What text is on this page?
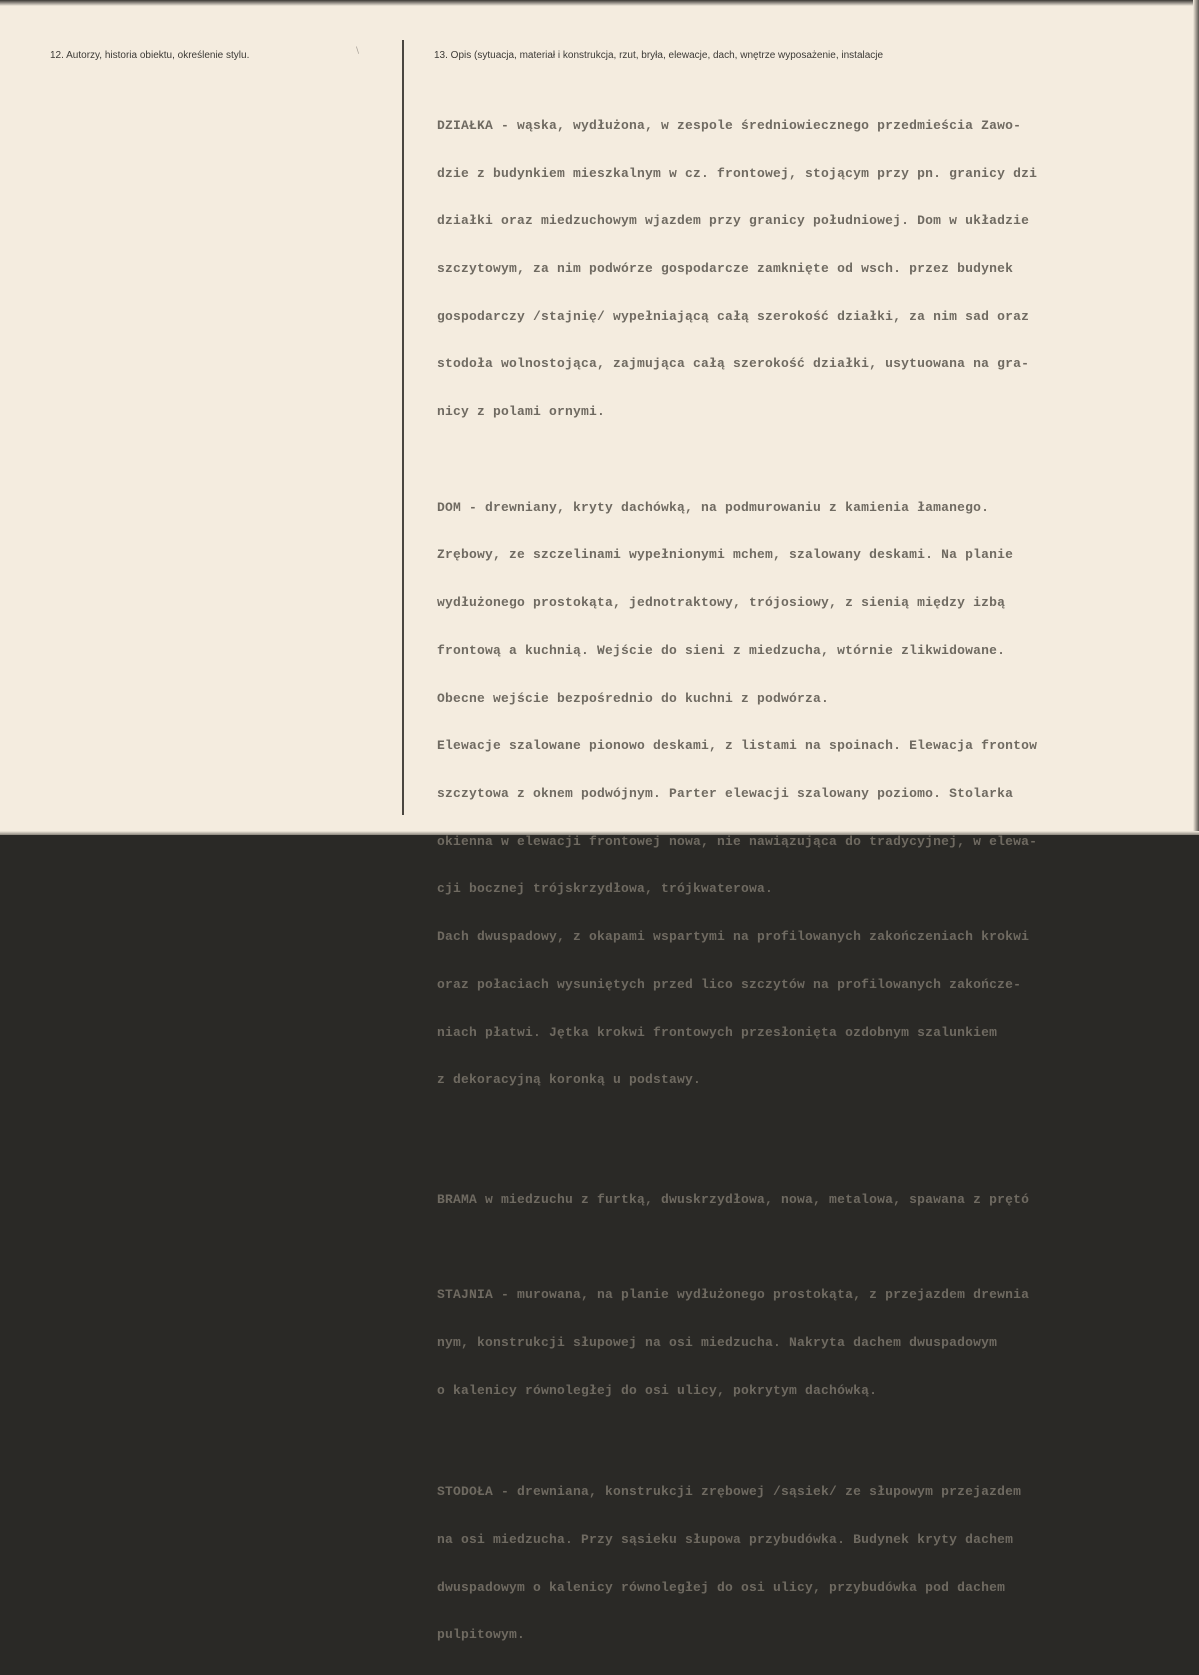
12. Autorzy, historia obiektu, określenie stylu.	\	13. Opis (sytuacja, materiał i konstrukcja, rzut, bryła, elewacje, dach, wnętrze wyposażenie, instalacje

DZIAŁKA - wąska, wydłużona, w zespole średniowiecznego przedmieścia Zawo-

dzie z budynkiem mieszkalnym w cz. frontowej, stojącym przy pn. granicy dzi

działki oraz miedzuchowym wjazdem przy granicy południowej. Dom w układzie

szczytowym, za nim podwórze gospodarcze zamknięte od wsch. przez budynek

gospodarczy /stajnię/ wypełniającą całą szerokość działki, za nim sad oraz

stodoła wolnostojąca, zajmująca całą szerokość działki, usytuowana na gra-

nicy z polami ornymi.

DOM - drewniany, kryty dachówką, na podmurowaniu z kamienia łamanego.

Zrębowy, ze szczelinami wypełnionymi mchem, szalowany deskami. Na planie

wydłużonego prostokąta, jednotraktowy, trójosiowy, z sienią między izbą

frontową a kuchnią. Wejście do sieni z miedzucha, wtórnie zlikwidowane.

Obecne wejście bezpośrednio do kuchni z podwórza.

Elewacje szalowane pionowo deskami, z listami na spoinach. Elewacja frontow

szczytowa z oknem podwójnym. Parter elewacji szalowany poziomo. Stolarka

okienna w elewacji frontowej nowa, nie nawiązująca do tradycyjnej, w elewa-

cji bocznej trójskrzydłowa, trójkwaterowa.

Dach dwuspadowy, z okapami wspartymi na profilowanych zakończeniach krokwi

oraz połaciach wysuniętych przed lico szczytów na profilowanych zakończe-

niach płatwi. Jętka krokwi frontowych przesłonięta ozdobnym szalunkiem

z dekoracyjną koronką u podstawy.

BRAMA w miedzuchu z furtką, dwuskrzydłowa, nowa, metalowa, spawana z prętó

STAJNIA - murowana, na planie wydłużonego prostokąta, z przejazdem drewnia

nym, konstrukcji słupowej na osi miedzucha. Nakryta dachem dwuspadowym

o kalenicy równoległej do osi ulicy, pokrytym dachówką.

STODOŁA - drewniana, konstrukcji zrębowej /sąsiek/ ze słupowym przejazdem

na osi miedzucha. Przy sąsieku słupowa przybudówka. Budynek kryty dachem

dwuspadowym o kalenicy równoległej do osi ulicy, przybudówka pod dachem

pulpitowym.
